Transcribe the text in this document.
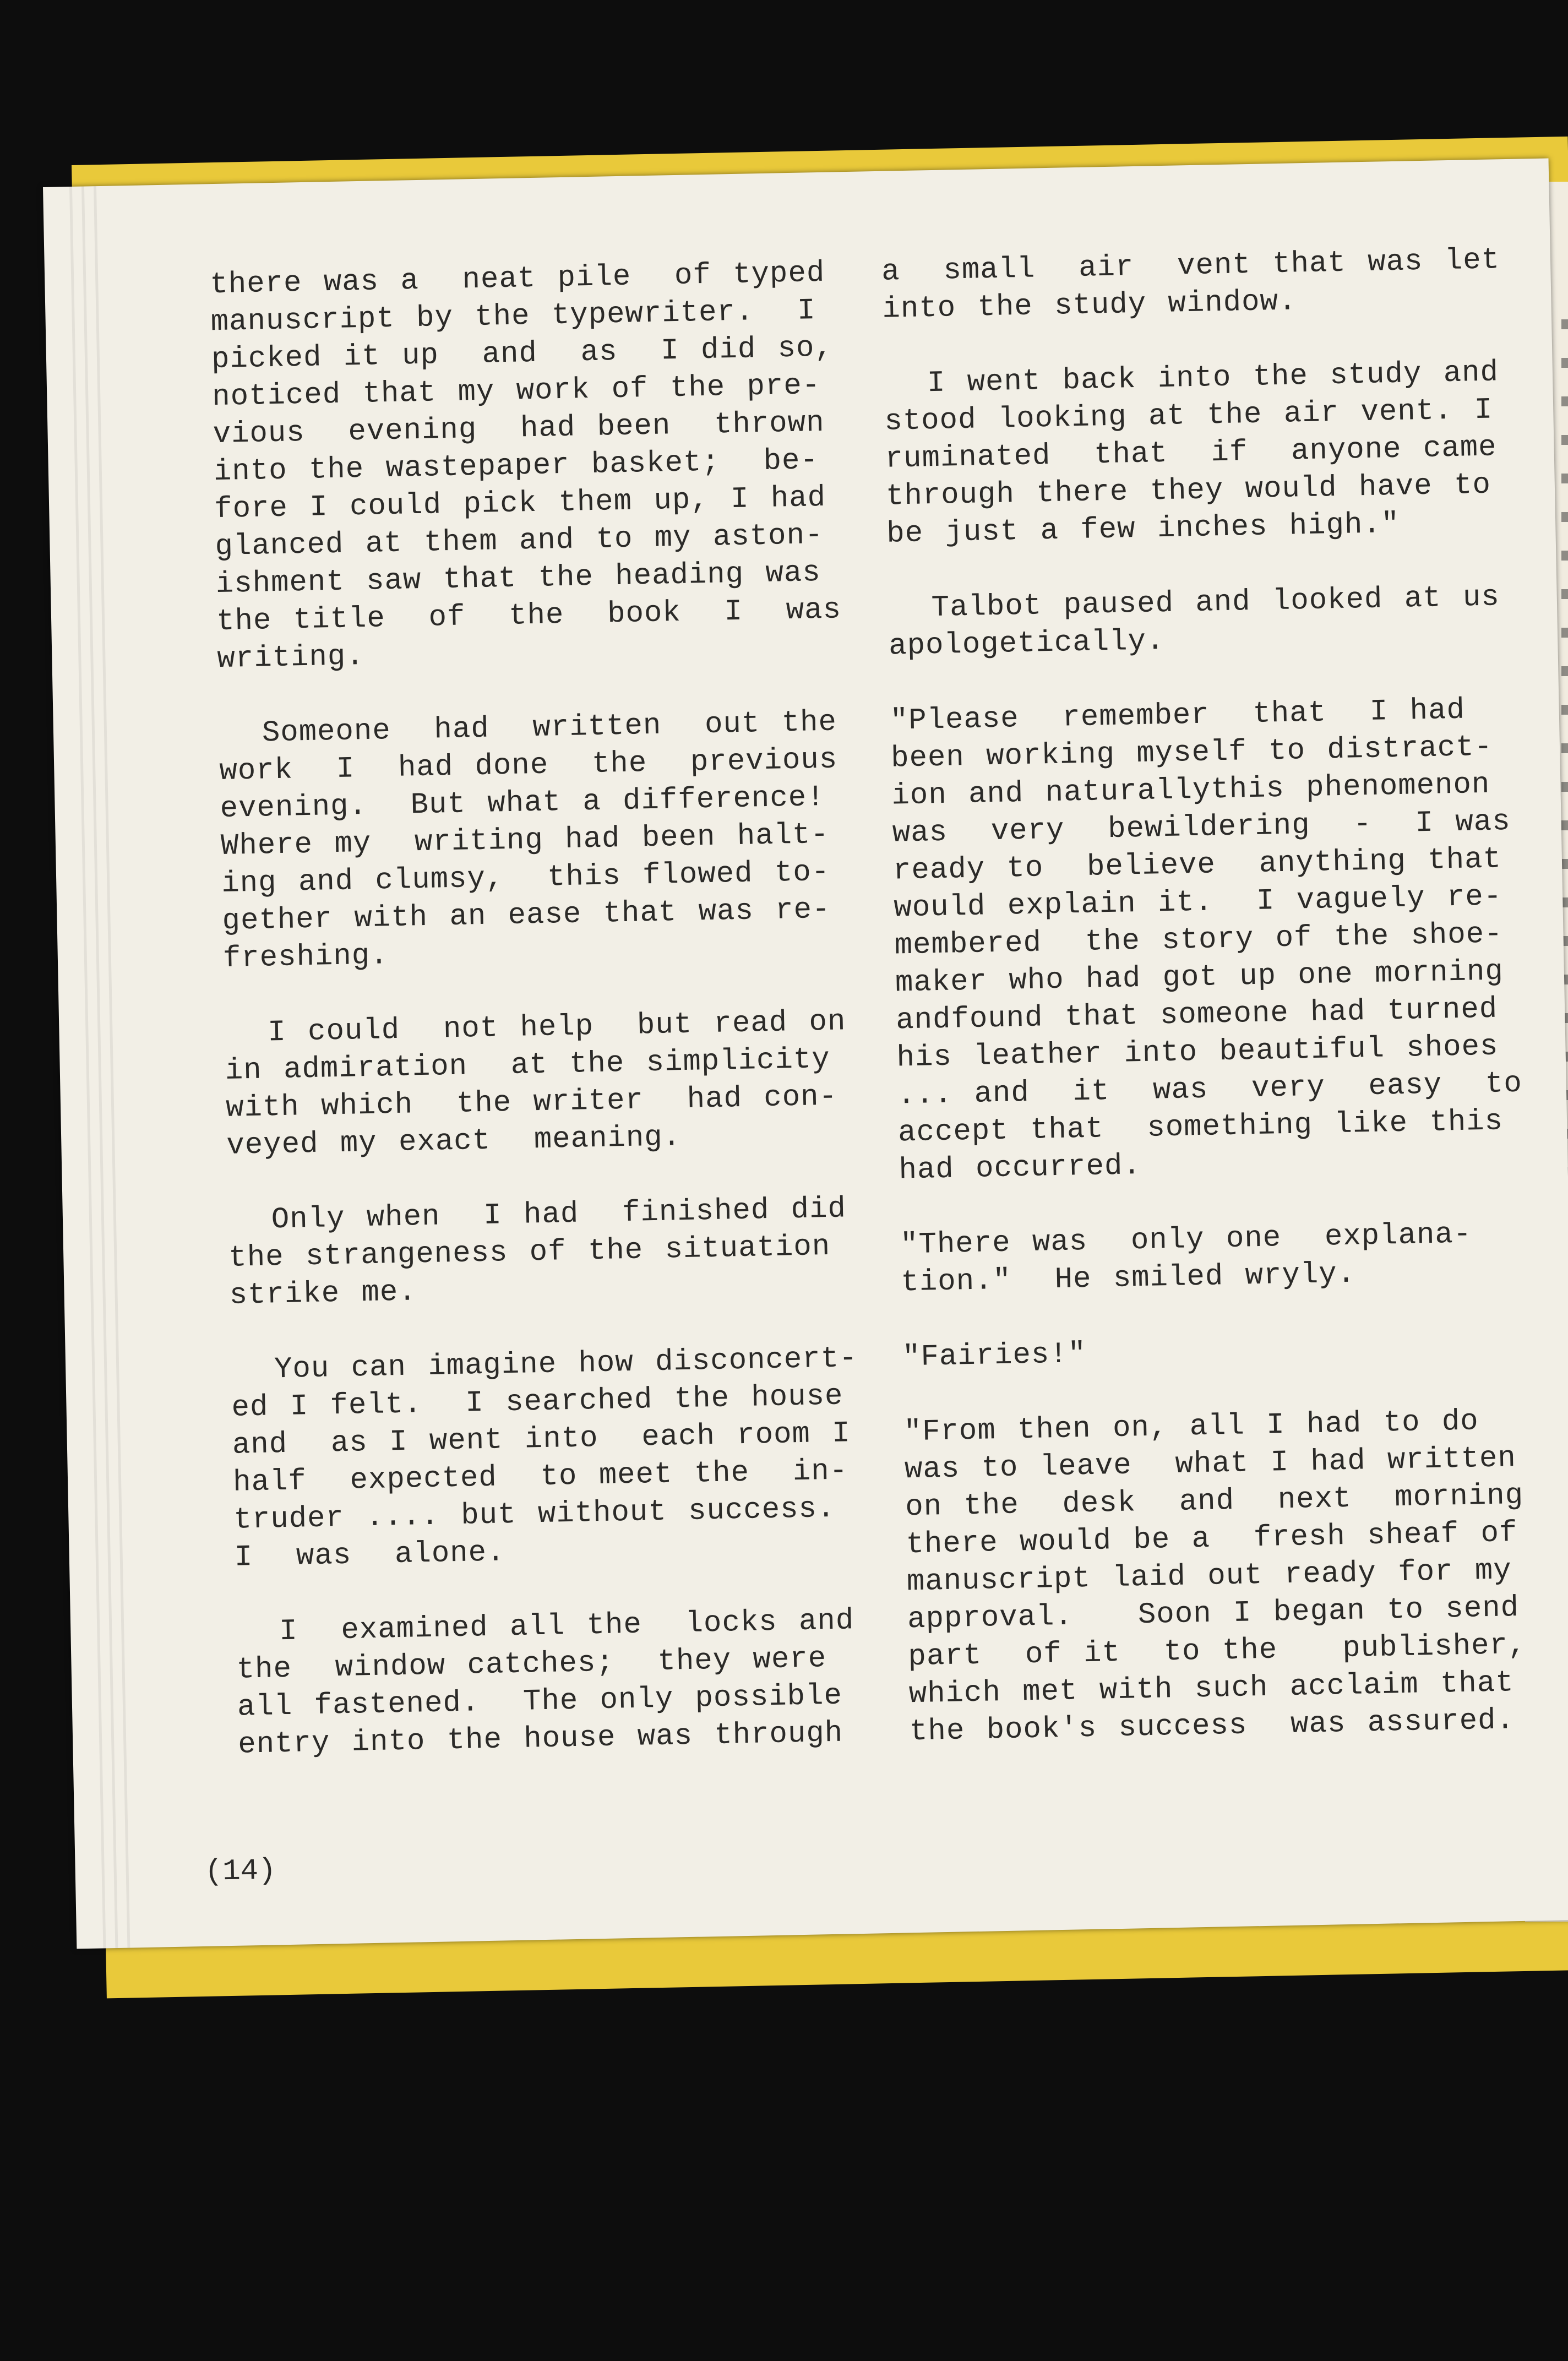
there was a  neat pile  of typed
manuscript by the typewriter.  I
picked it up  and  as  I did so,
noticed that my work of the pre-
vious  evening  had been  thrown
into the wastepaper basket;  be-
fore I could pick them up, I had
glanced at them and to my aston-
ishment saw that the heading was
the title  of  the  book  I  was
writing.

Someone  had  written  out the
work  I  had done  the  previous
evening.  But what a difference!
Where my  writing had been halt-
ing and clumsy,  this flowed to-
gether with an ease that was re-
freshing.

I could  not help  but read on
in admiration  at the simplicity
with which  the writer  had con-
veyed my exact  meaning.

Only when  I had  finished did
the strangeness of the situation
strike me.

You can imagine how disconcert-
ed I felt.  I searched the house
and  as I went into  each room I
half  expected  to meet the  in-
truder .... but without success.
I  was  alone.

I  examined all the  locks and
the  window catches;  they were
all fastened.  The only possible
entry into the house was through

a  small  air  vent that was let
into the study window.

I went back into the study and
stood looking at the air vent. I
ruminated  that  if  anyone came
through there they would have to
be just a few inches high."

Talbot paused and looked at us
apologetically.

"Please  remember  that  I had
been working myself to distract-
ion and naturallythis phenomenon
was  very  bewildering  -  I was
ready to  believe  anything that
would explain it.  I vaguely re-
membered  the story of the shoe-
maker who had got up one morning
andfound that someone had turned
his leather into beautiful shoes
... and  it  was  very  easy  to
accept that  something like this
had occurred.

"There was  only one  explana-
tion."  He smiled wryly.

"Fairies!"

"From then on, all I had to do
was to leave  what I had written
on the  desk  and  next  morning
there would be a  fresh sheaf of
manuscript laid out ready for my
approval.   Soon I began to send
part  of it  to the   publisher,
which met with such acclaim that
the book's success  was assured.

(14)
